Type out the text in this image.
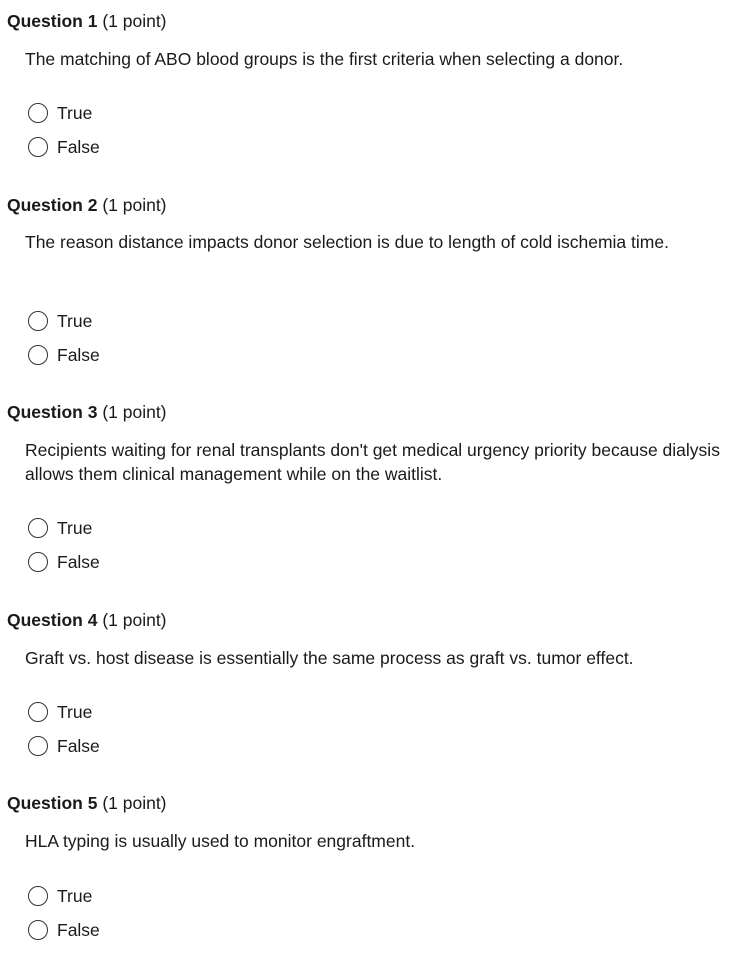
Question 1 (1 point)
The matching of ABO blood groups is the first criteria when selecting a donor.
True
False
Question 2 (1 point)
The reason distance impacts donor selection is due to length of cold ischemia time.
True
False
Question 3 (1 point)
Recipients waiting for renal transplants don't get medical urgency priority because dialysis allows them clinical management while on the waitlist.
True
False
Question 4 (1 point)
Graft vs. host disease is essentially the same process as graft vs. tumor effect.
True
False
Question 5 (1 point)
HLA typing is usually used to monitor engraftment.
True
False
